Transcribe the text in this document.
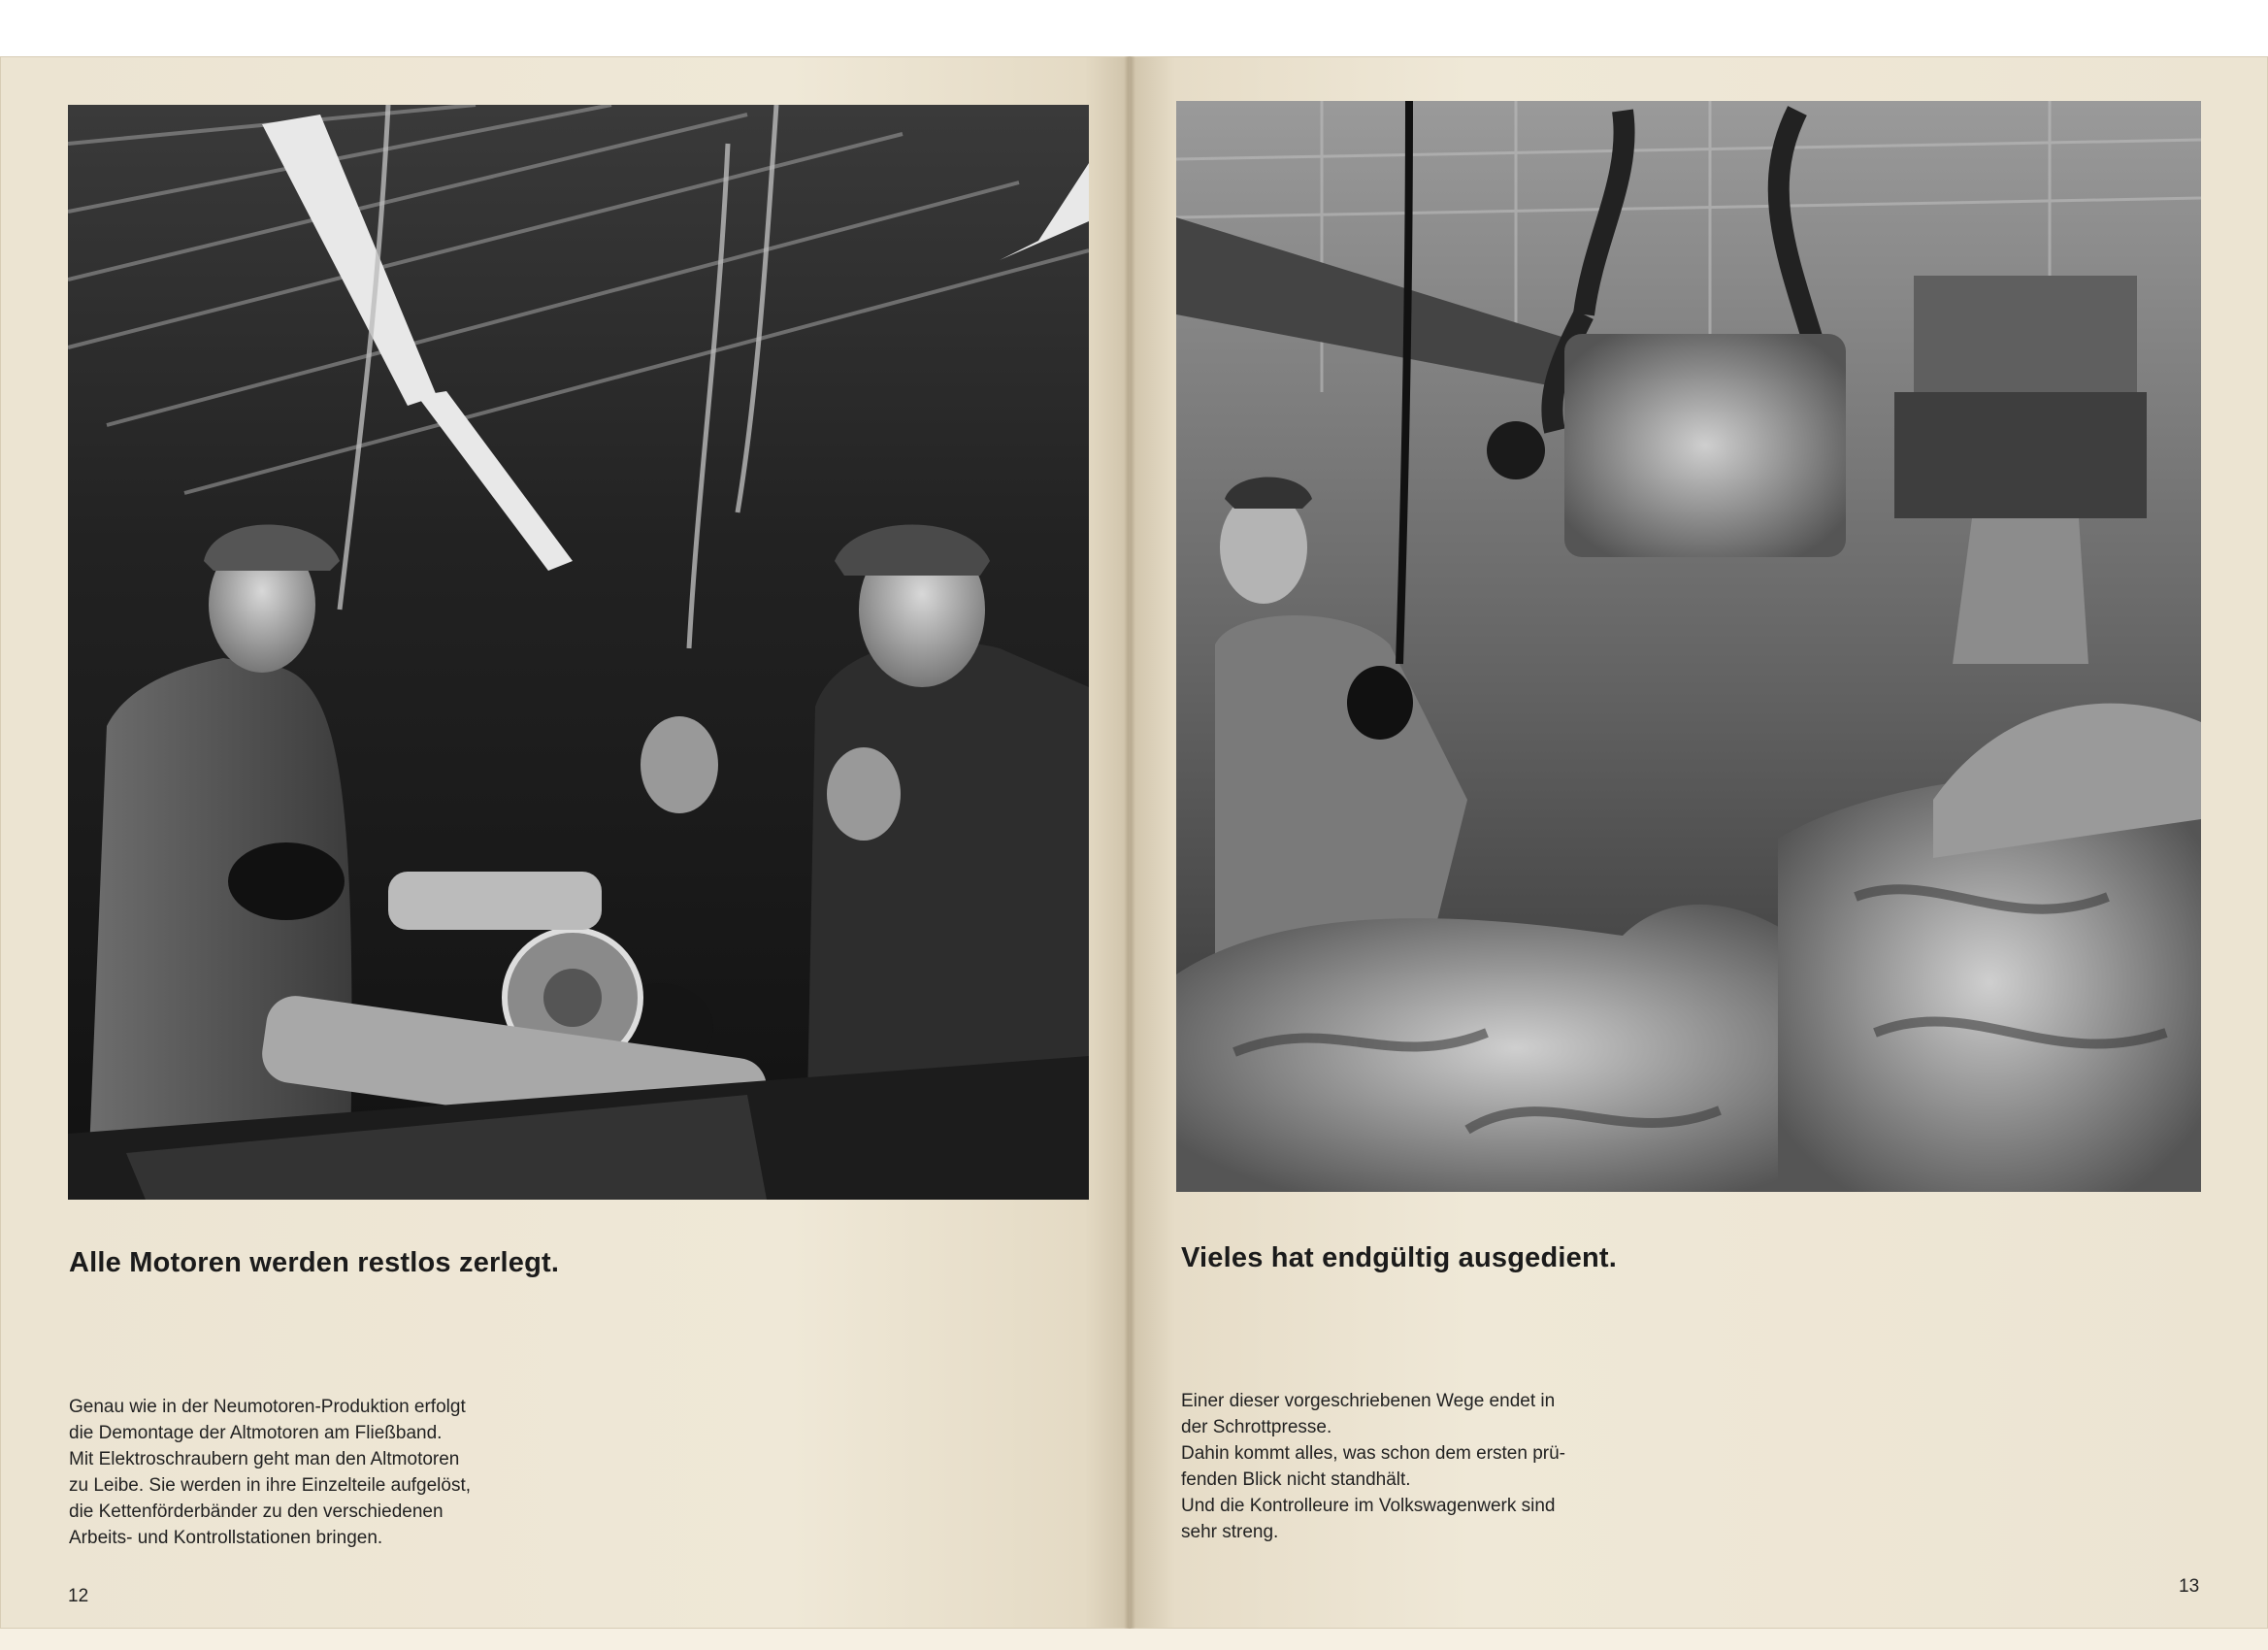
Alle Motoren werden restlos zerlegt.	Vieles hat endgültig ausgedient.
Genau wie in der Neumotoren-Produktion erfolgt
die Demontage der Altmotoren am Fließband.
Mit Elektroschraubern geht man den Altmotoren
zu Leibe. Sie werden in ihre Einzelteile aufgelöst,
die Kettenförderbänder zu den verschiedenen
Arbeits- und Kontrollstationen bringen.
Einer dieser vorgeschriebenen Wege endet in
der Schrottpresse.
Dahin kommt alles, was schon dem ersten prü-
fenden Blick nicht standhält.
Und die Kontrolleure im Volkswagenwerk sind
sehr streng.
12	13
